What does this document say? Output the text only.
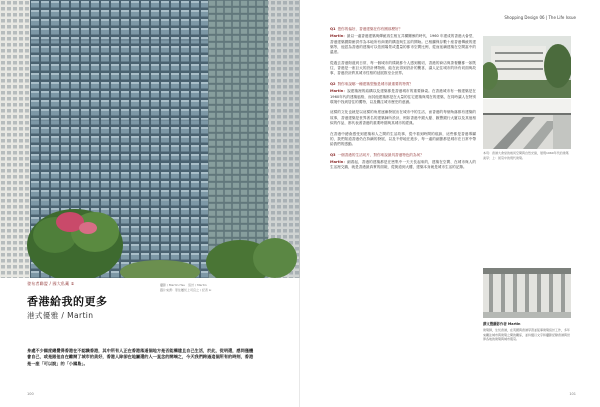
發布者聯盟 / 國大私藏 ①	攝影 / Martin Hsu　設計 / Martin
圖片來源：原住屬於上司宜之 / 記者 Li
香港給我的更多
港式優雅 / Martin
身處不少國度總覺得香港在不認識香港，其中所有人正在香港落道個地方是否能構建且自己生活，於此，從明還，感同僅體會自己，或是跟他自在離開了城市的美好，香港人除卻在地屬還的人一直念的開端之，今天我們跨過這個所有的時刻，香港是一座「可以說」的「小國島」。
100
Shopping Design 06 | The Life Issue

Q1 您你的偏好，香港建築在你有圈那麼好？

Martin：最以一處香港建築與傳統再生相互共構關係的時代，1960 年建成的香港大會堂，香港建築國際館供作為本地所有商業的構造與生活的開始。已相繼保存數十座香港傳統的建築等，他認為香港的建築可以依照場景或遺量的都市空間比例，從而延續建築在空間當中的溫度。

從過去香港街道到日常，每一個城市的樣貌都令人感到親切，香港的商店與茶餐廳都一如既往，香港是一座巨大的設計博物館，能在此得到設計的驚喜，讓人記住城市的所有切面與故事，香港設計將其城市性格的延展推至全世界。

Q2 對你來說哪一種建築型態是城市最重要的特質？

Martin：說建築裡的結構以及建築都是香港城市的重要線索。在香港城市有一個建築是在1960年代的建築風格，而其他建築都是在大量的住宅建築與現在的建築，在同時讓人在特別環境中找到居住的獨特，以及關注城市歷史的意涵。

這樣的文化也就是以這樣的角度逐漸發展出在城市中的生活，而香港的每個角落都有建築的故事，香港建築是世界著名的建築師所設計，例如香港中銀大廈、匯豐銀行大廈以及其他相似的作品，都代表著香港的重要時期與其城市的經典。

在香港中總會感受到建築和人之間的生活故事，從中看到時間的痕跡，這些都是香港專屬的，我們知道香港仍在持續的發展，以及不停地在進步，每一處的細節都是城市在日常中帶給我們的感動。

Q3 一個香港的生活切片，對你來說最具香港特色的為何？

Martin：細看起，香港的建築都是在密集中一天天長起來的，建築在空間、在城市與人的生活裡交織，就是香港最真實的面貌，從街道到大樓，建築本身就是城市生活的記錄。

本頁：香港大會堂的幾何空間與自然光線，展現1960年代的建築美學；上：街景中的現代建築。
撰文暨攝影作者 Martin
建築師，生於香港，在英國與香港學習並從事建築設計工作，多年來關注城市與建築之間的關係，並持續以文字和攝影記錄香港與世界各地的建築與城市風景。
101
